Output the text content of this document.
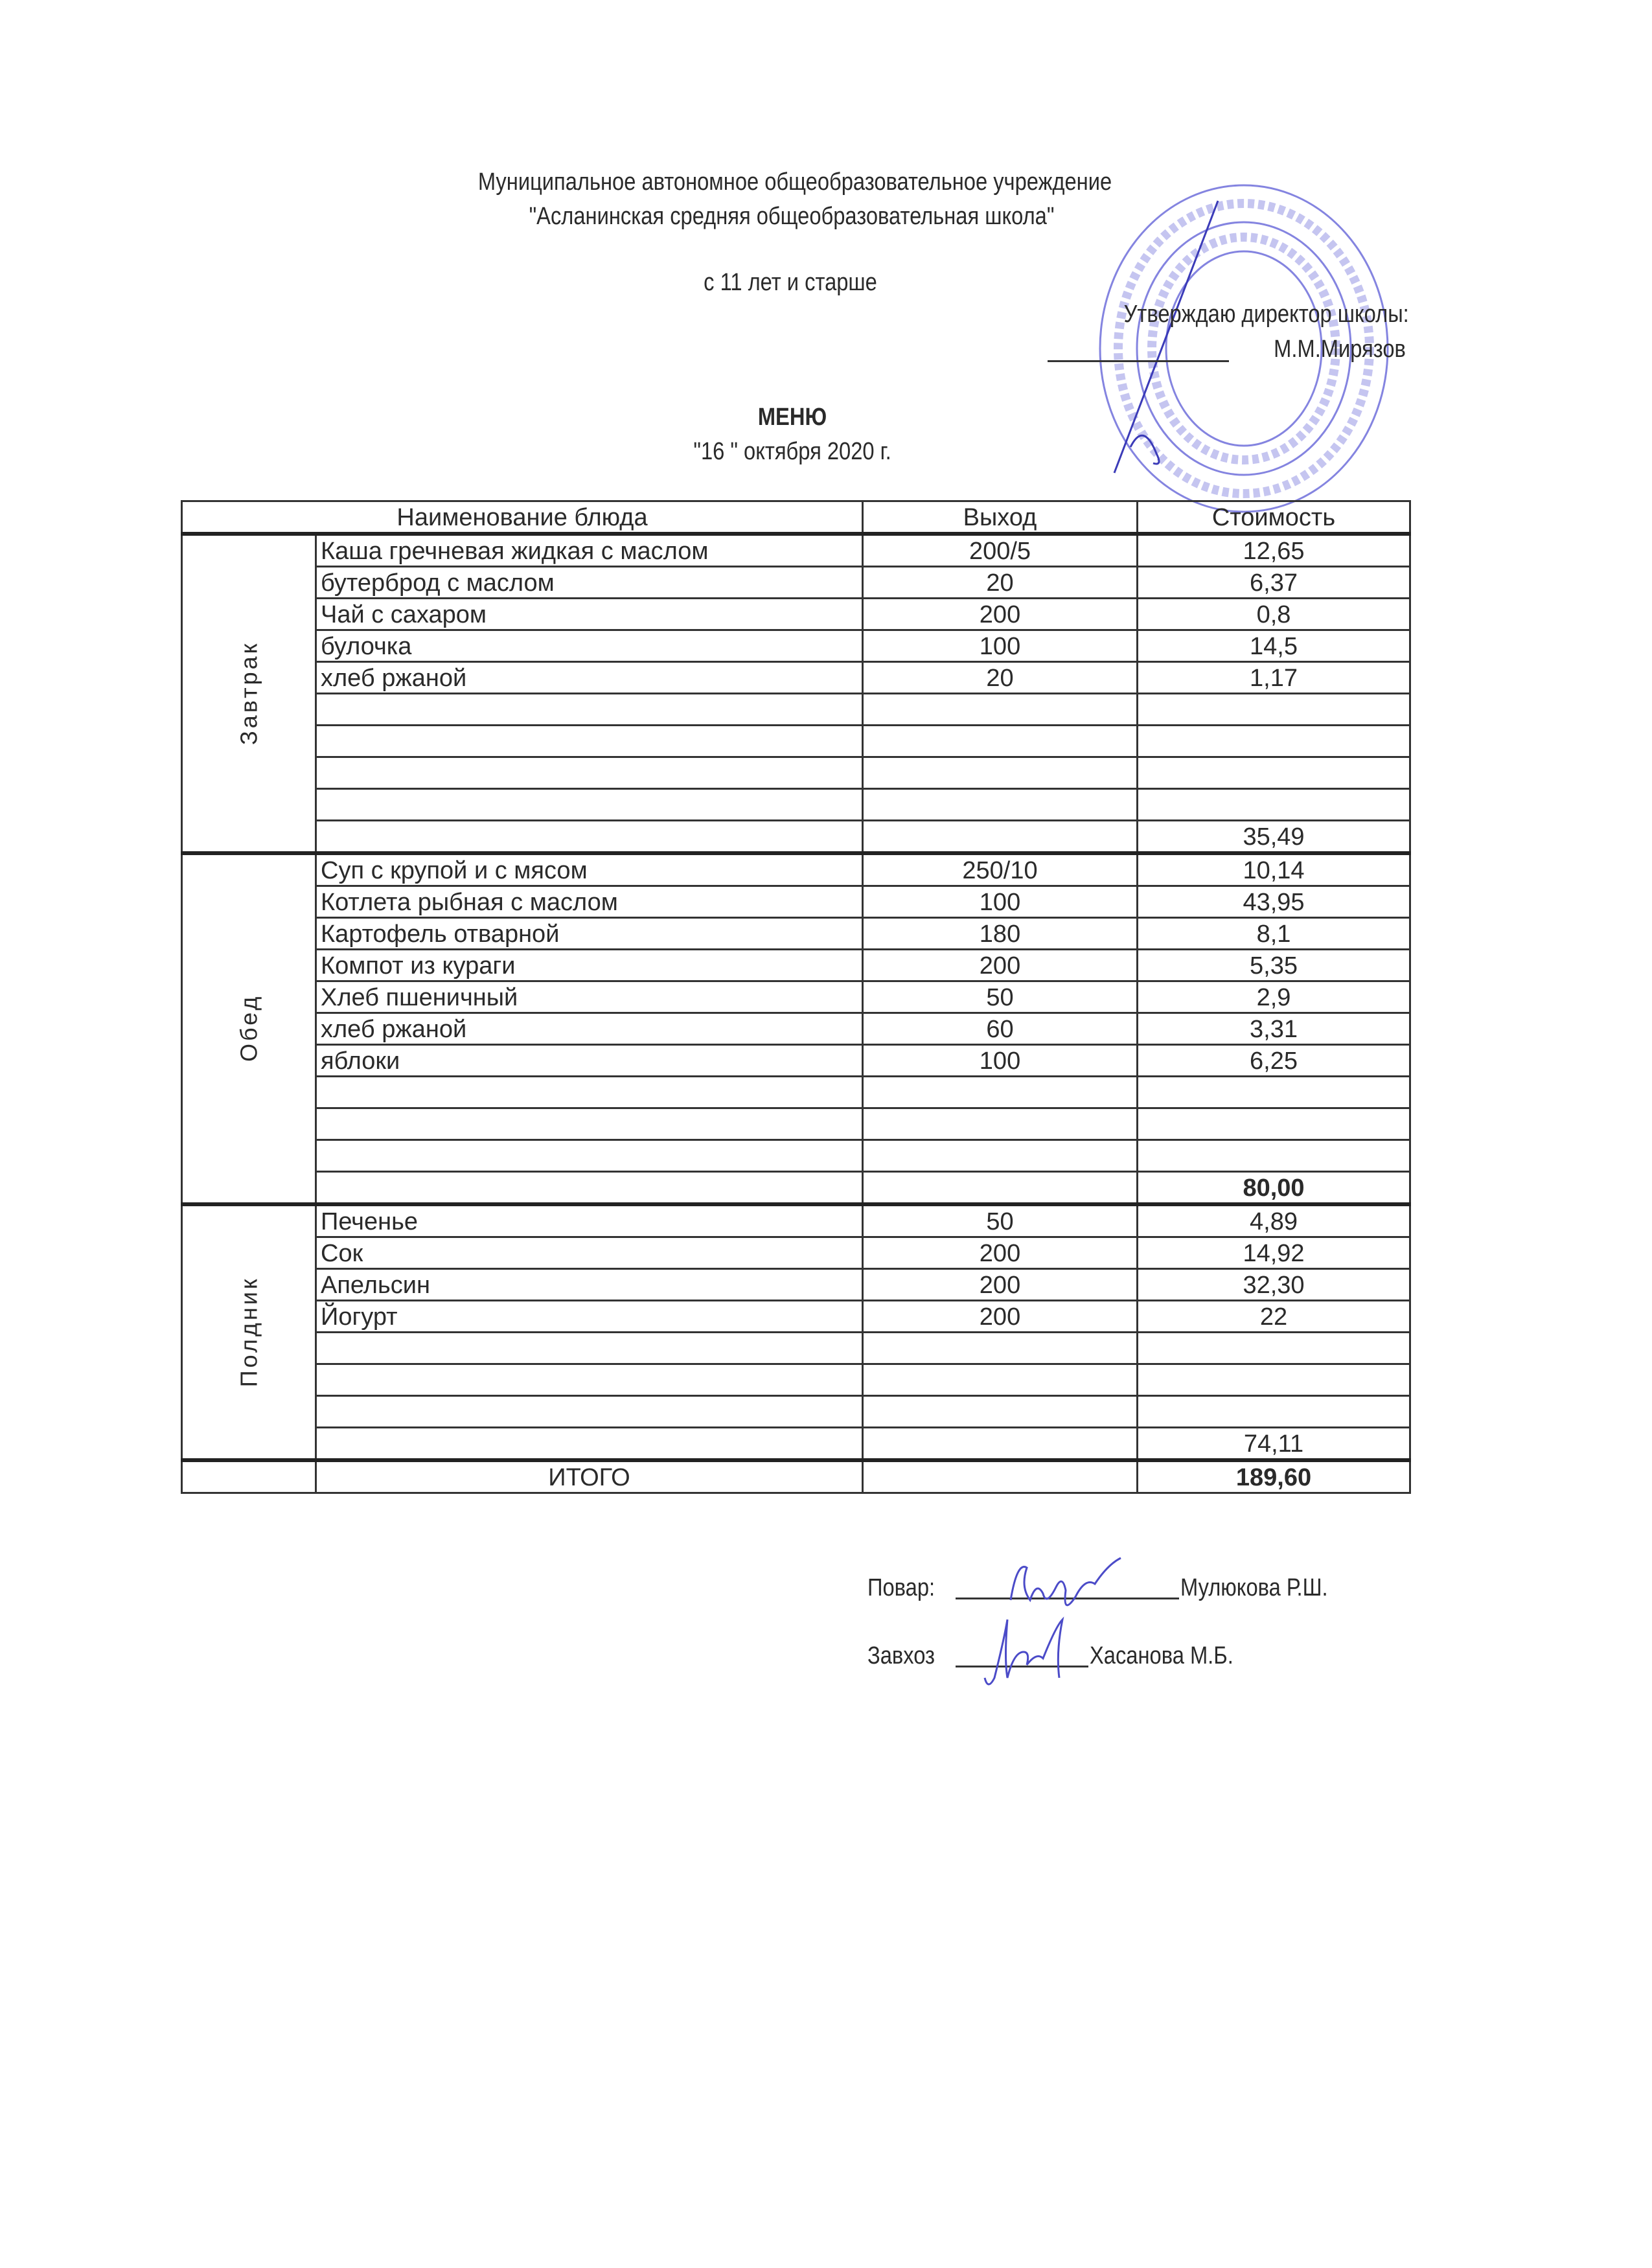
Муниципальное автономное общеобразовательное учреждение
"Асланинская средняя общеобразовательная школа"
с 11 лет и старше
Утверждаю директор школы:
М.М.Мирязов
МЕНЮ
"16 " октября 2020 г.
Наименование блюда		Выход	Стоимость
Завтрак	Каша гречневая жидкая с маслом	200/5	12,65
	бутерброд с маслом	20	6,37
	Чай с сахаром	200	0,8
	булочка	100	14,5
	хлеб ржаной	20	1,17

			35,49
Обед	Суп с крупой и с мясом	250/10	10,14
	Котлета рыбная с маслом	100	43,95
	Картофель отварной	180	8,1
	Компот из кураги	200	5,35
	Хлеб пшеничный	50	2,9
	хлеб ржаной	60	3,31
	яблоки	100	6,25

			80,00
Полдник	Печенье	50	4,89
	Сок	200	14,92
	Апельсин	200	32,30
	Йогурт	200	22

			74,11
	ИТОГО		189,60
Повар:	Мулюкова Р.Ш.
Завхоз	Хасанова М.Б.
